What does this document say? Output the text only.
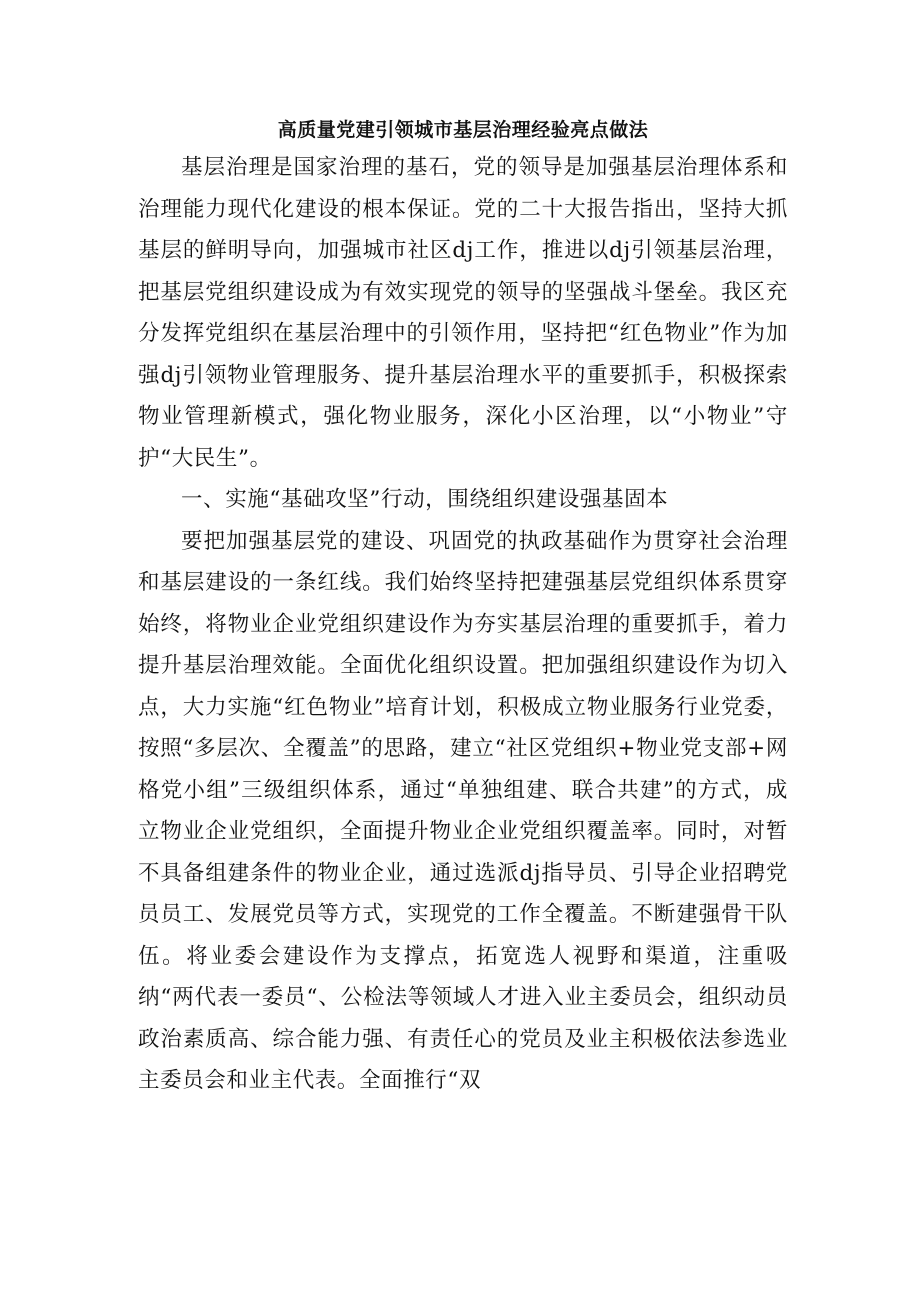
高质量党建引领城市基层治理经验亮点做法

基层治理是国家治理的基石，党的领导是加强基层治理体系和治理能力现代化建设的根本保证。党的二十大报告指出，坚持大抓基层的鲜明导向，加强城市社区dj工作，推进以dj引领基层治理，把基层党组织建设成为有效实现党的领导的坚强战斗堡垒。我区充分发挥党组织在基层治理中的引领作用，坚持把“红色物业”作为加强dj引领物业管理服务、提升基层治理水平的重要抓手，积极探索物业管理新模式，强化物业服务，深化小区治理，以“小物业”守护“大民生”。

一、实施“基础攻坚”行动，围绕组织建设强基固本

要把加强基层党的建设、巩固党的执政基础作为贯穿社会治理和基层建设的一条红线。我们始终坚持把建强基层党组织体系贯穿始终，将物业企业党组织建设作为夯实基层治理的重要抓手，着力提升基层治理效能。全面优化组织设置。把加强组织建设作为切入点，大力实施“红色物业”培育计划，积极成立物业服务行业党委，按照“多层次、全覆盖”的思路，建立“社区党组织+物业党支部+网格党小组”三级组织体系，通过“单独组建、联合共建”的方式，成立物业企业党组织，全面提升物业企业党组织覆盖率。同时，对暂不具备组建条件的物业企业，通过选派dj指导员、引导企业招聘党员员工、发展党员等方式，实现党的工作全覆盖。不断建强骨干队伍。将业委会建设作为支撑点，拓宽选人视野和渠道，注重吸纳“两代表一委员“、公检法等领域人才进入业主委员会，组织动员政治素质高、综合能力强、有责任心的党员及业主积极依法参选业主委员会和业主代表。全面推行“双
